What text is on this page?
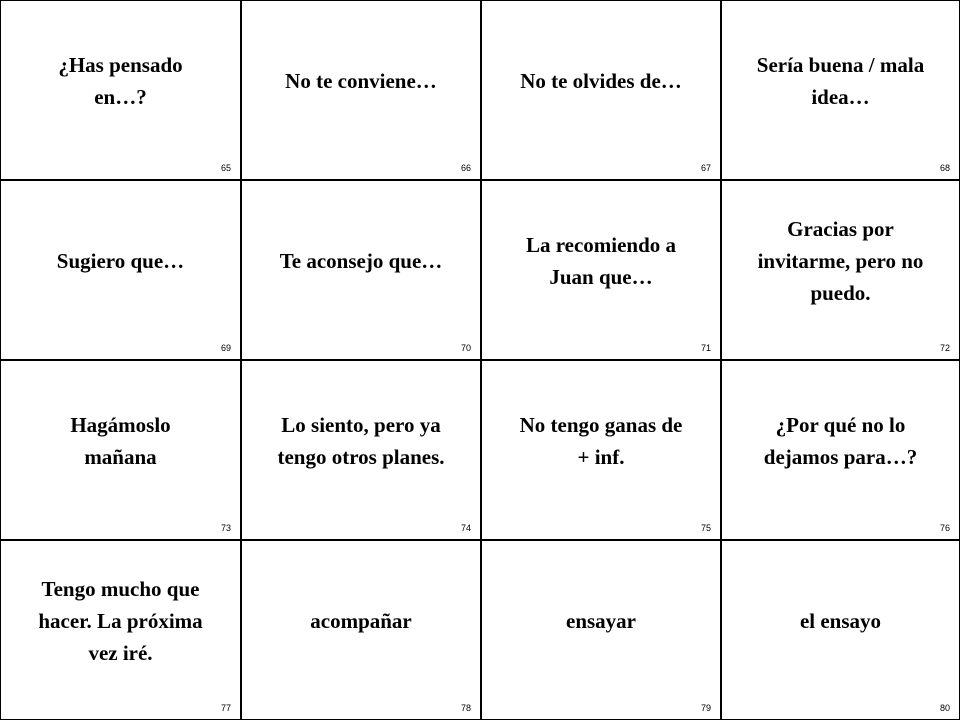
¿Has pensado
en…?
65
No te conviene…
66
No te olvides de…
67
Sería buena / mala
idea…
68
Sugiero que…
69
Te aconsejo que…
70
La recomiendo a
Juan que…
71
Gracias por
invitarme, pero no
puedo.
72
Hagámoslo
mañana
73
Lo siento, pero ya
tengo otros planes.
74
No tengo ganas de
+ inf.
75
¿Por qué no lo
dejamos para…?
76
Tengo mucho que
hacer. La próxima
vez iré.
77
acompañar
78
ensayar
79
el ensayo
80
